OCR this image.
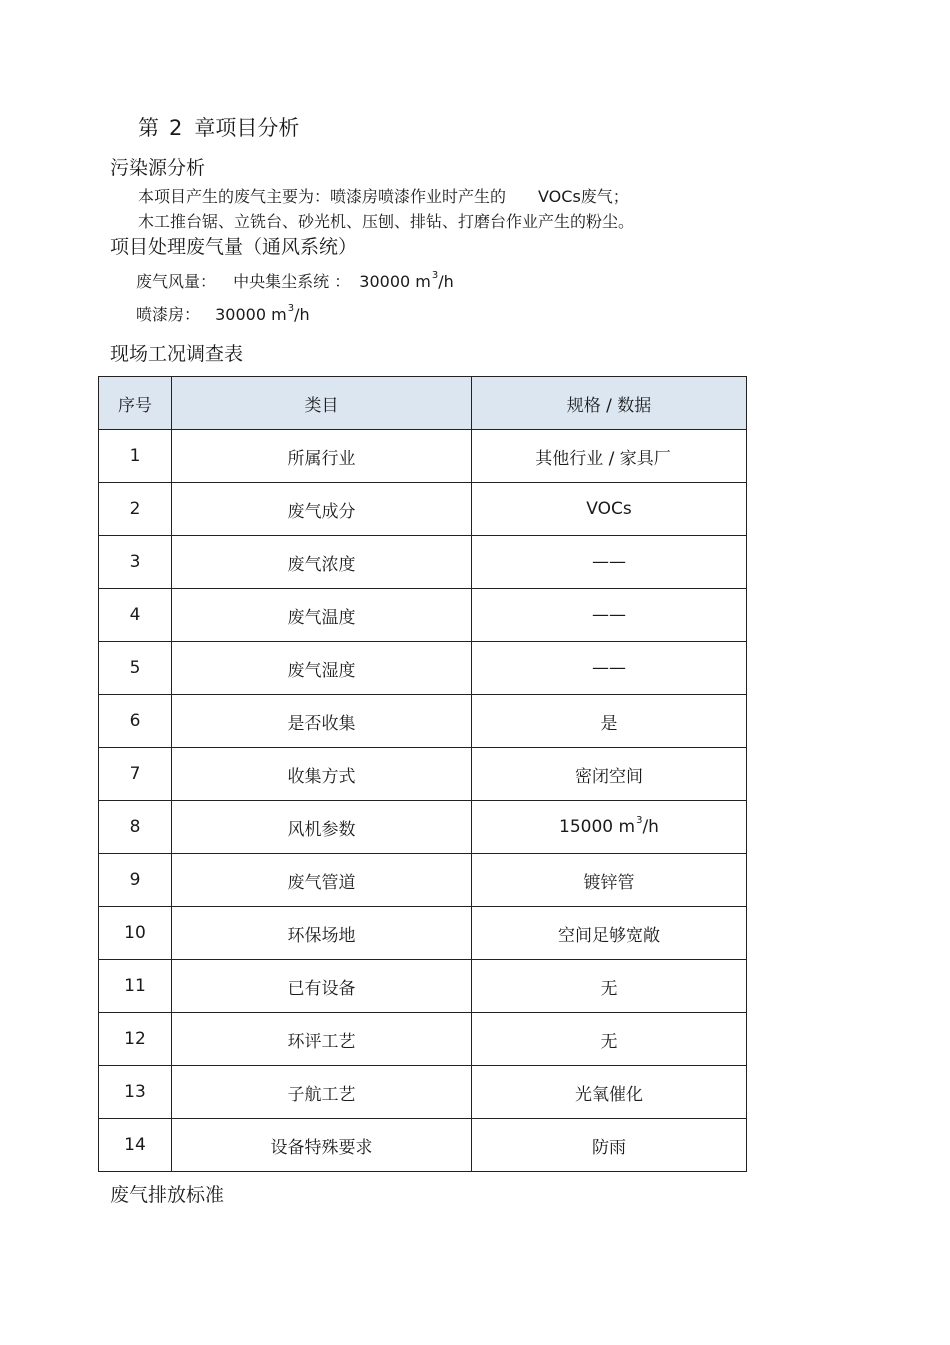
第 2 章项目分析
污染源分析
本项目产生的废气主要为：喷漆房喷漆作业时产生的 VOCs废气；
木工推台锯、立铣台、砂光机、压刨、排钻、打磨台作业产生的粉尘。
项目处理废气量（通风系统）
废气风量： 中央集尘系统 ： 30000 $m^3/h$
喷漆房： 30000 $m^3/h$
现场工况调查表
序号	类目	规格 / 数据
1	所属行业	其他行业 / 家具厂
2	废气成分	VOCs
3	废气浓度	——
4	废气温度	——
5	废气湿度	——
6	是否收集	是
7	收集方式	密闭空间
8	风机参数	15000 $m^3/h$
9	废气管道	镀锌管
10	环保场地	空间足够宽敞
11	已有设备	无
12	环评工艺	无
13	子航工艺	光氧催化
14	设备特殊要求	防雨
废气排放标准
